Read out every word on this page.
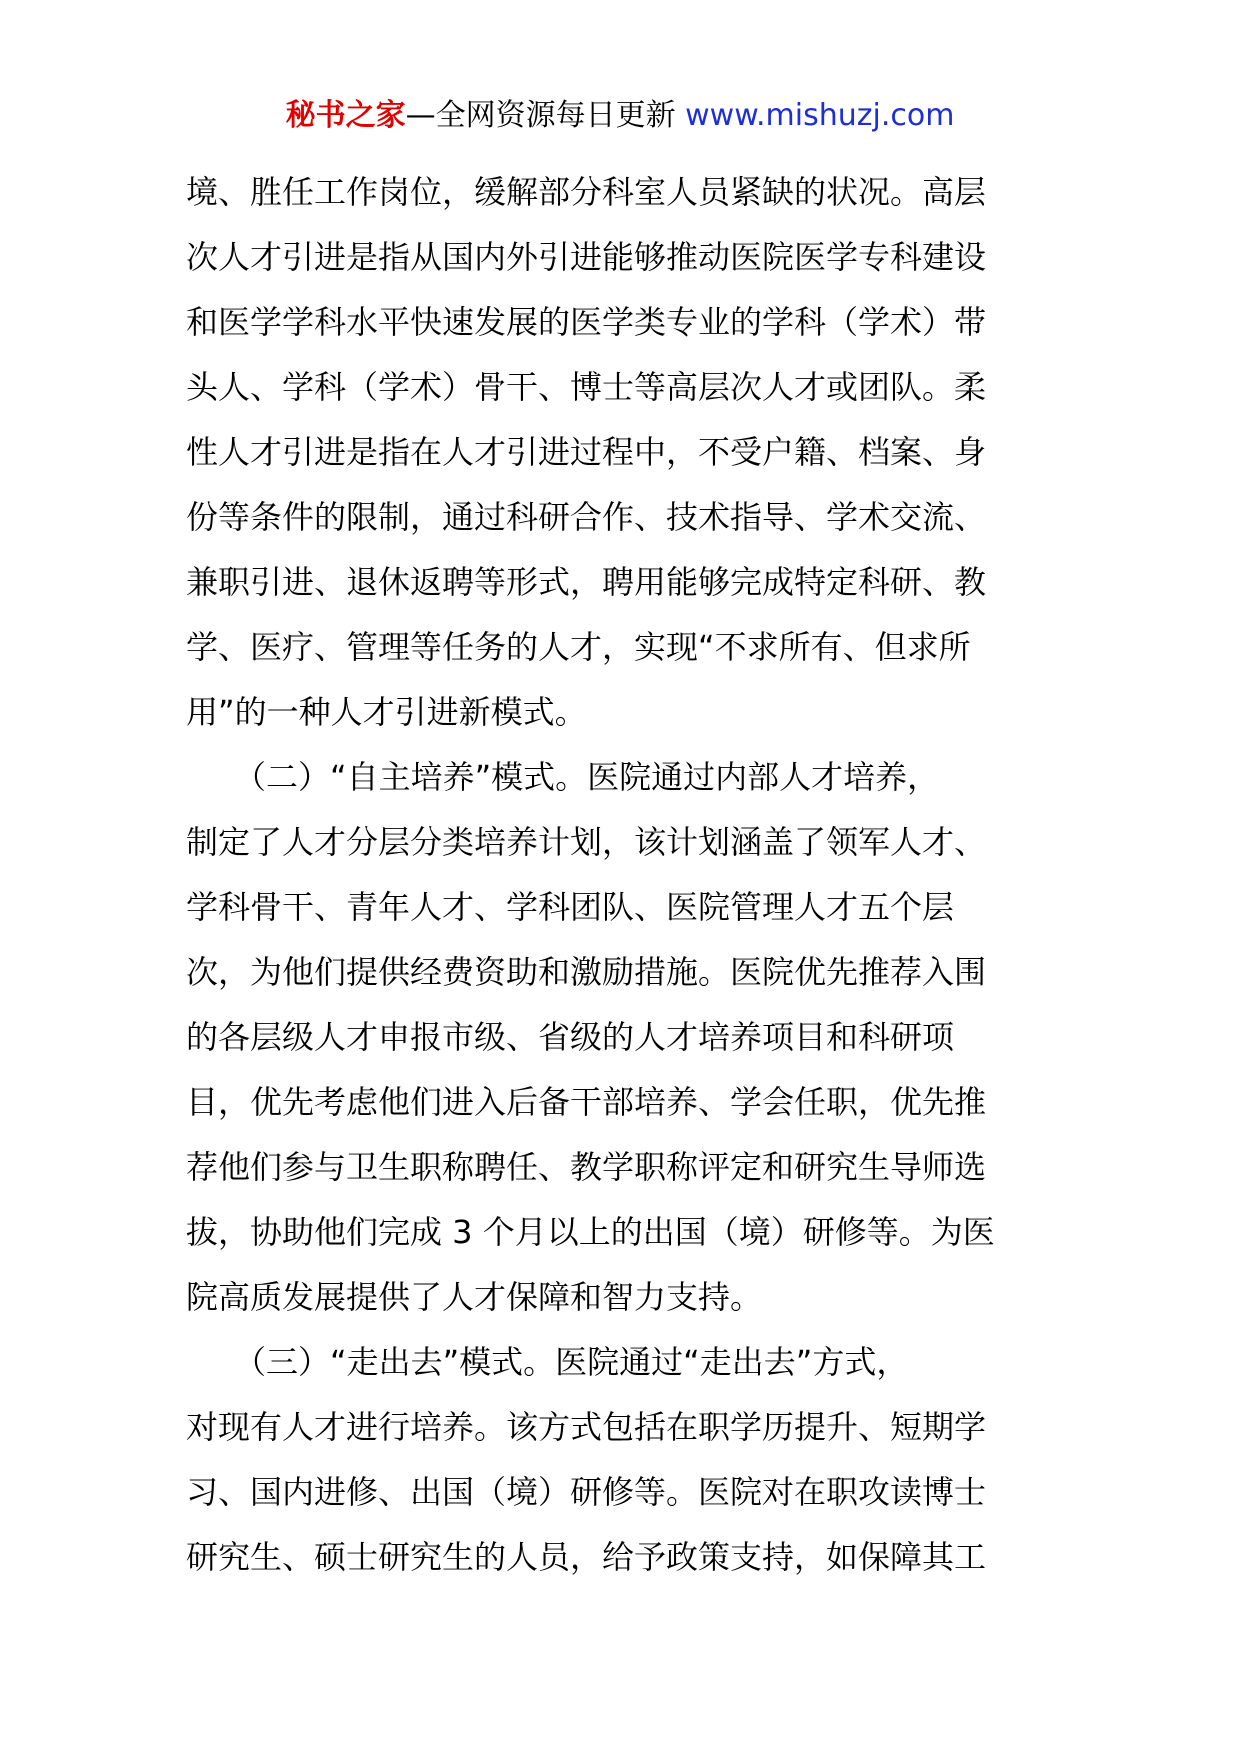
秘书之家—全网资源每日更新 www.mishuzj.com
境、胜任工作岗位，缓解部分科室人员紧缺的状况。高层
次人才引进是指从国内外引进能够推动医院医学专科建设
和医学学科水平快速发展的医学类专业的学科（学术）带
头人、学科（学术）骨干、博士等高层次人才或团队。柔
性人才引进是指在人才引进过程中，不受户籍、档案、身
份等条件的限制，通过科研合作、技术指导、学术交流、
兼职引进、退休返聘等形式，聘用能够完成特定科研、教
学、医疗、管理等任务的人才，实现“不求所有、但求所
用”的一种人才引进新模式。
　　（二）“自主培养”模式。医院通过内部人才培养，
制定了人才分层分类培养计划，该计划涵盖了领军人才、
学科骨干、青年人才、学科团队、医院管理人才五个层
次，为他们提供经费资助和激励措施。医院优先推荐入围
的各层级人才申报市级、省级的人才培养项目和科研项
目，优先考虑他们进入后备干部培养、学会任职，优先推
荐他们参与卫生职称聘任、教学职称评定和研究生导师选
拔，协助他们完成 3 个月以上的出国（境）研修等。为医
院高质发展提供了人才保障和智力支持。
　　（三）“走出去”模式。医院通过“走出去”方式，
对现有人才进行培养。该方式包括在职学历提升、短期学
习、国内进修、出国（境）研修等。医院对在职攻读博士
研究生、硕士研究生的人员，给予政策支持，如保障其工
